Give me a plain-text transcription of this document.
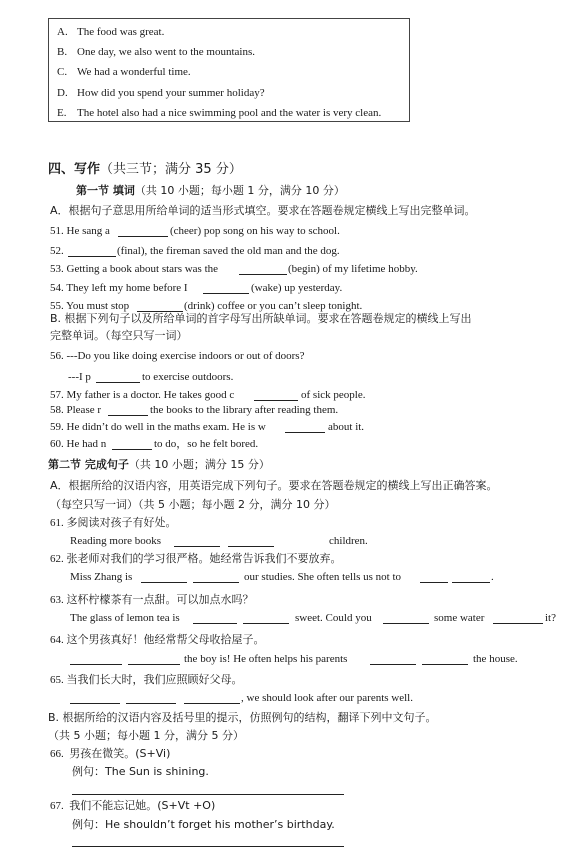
A. The food was great.
B. One day, we also went to the mountains.
C. We had a wonderful time.
D. How did you spend your summer holiday?
E. The hotel also had a nice swimming pool and the water is very clean.
四、写作（共三节；满分 35 分）
第一节 填词（共 10 小题；每小题 1 分，满分 10 分）
A．根据句子意思用所给单词的适当形式填空。要求在答题卷规定横线上写出完整单词。
51. He sang a	(cheer) pop song on his way to school.
52.	(final), the fireman saved the old man and the dog.
53. Getting a book about stars was the	(begin) of my lifetime hobby.
54. They left my home before I	(wake) up yesterday.
55. You must stop	(drink) coffee or you can’t sleep tonight.
B. 根据下列句子以及所给单词的首字母写出所缺单词。要求在答题卷规定的横线上写出
完整单词。（每空只写一词）
56. ---Do you like doing exercise indoors or out of doors?
---I p	to exercise outdoors.
57. My father is a doctor. He takes good c	of sick people.
58. Please r	the books to the library after reading them.
59. He didn’t do well in the maths exam. He is w	about it.
60. He had n	to do，so he felt bored.
第二节 完成句子（共 10 小题；满分 15 分）
A．根据所给的汉语内容，用英语完成下列句子。要求在答题卷规定的横线上写出正确答案。
（每空只写一词）（共 5 小题；每小题 2 分，满分 10 分）
61. 多阅读对孩子有好处。
Reading more books	children.
62. 张老师对我们的学习很严格。她经常告诉我们不要放弃。
Miss Zhang is	our studies. She often tells us not to	.
63. 这杯柠檬茶有一点甜。可以加点水吗？
The glass of lemon tea is	sweet. Could you	some water	it?
64. 这个男孩真好！他经常帮父母收拾屋子。
the boy is! He often helps his parents	the house.
65. 当我们长大时，我们应照顾好父母。
, we should look after our parents well.
B. 根据所给的汉语内容及括号里的提示，仿照例句的结构，翻译下列中文句子。
（共 5 小题；每小题 1 分，满分 5 分）
66. 男孩在微笑。(S+Vi)
例句：The Sun is shining.
67. 我们不能忘记她。(S+Vt +O)
例句：He shouldn’t forget his mother’s birthday.
